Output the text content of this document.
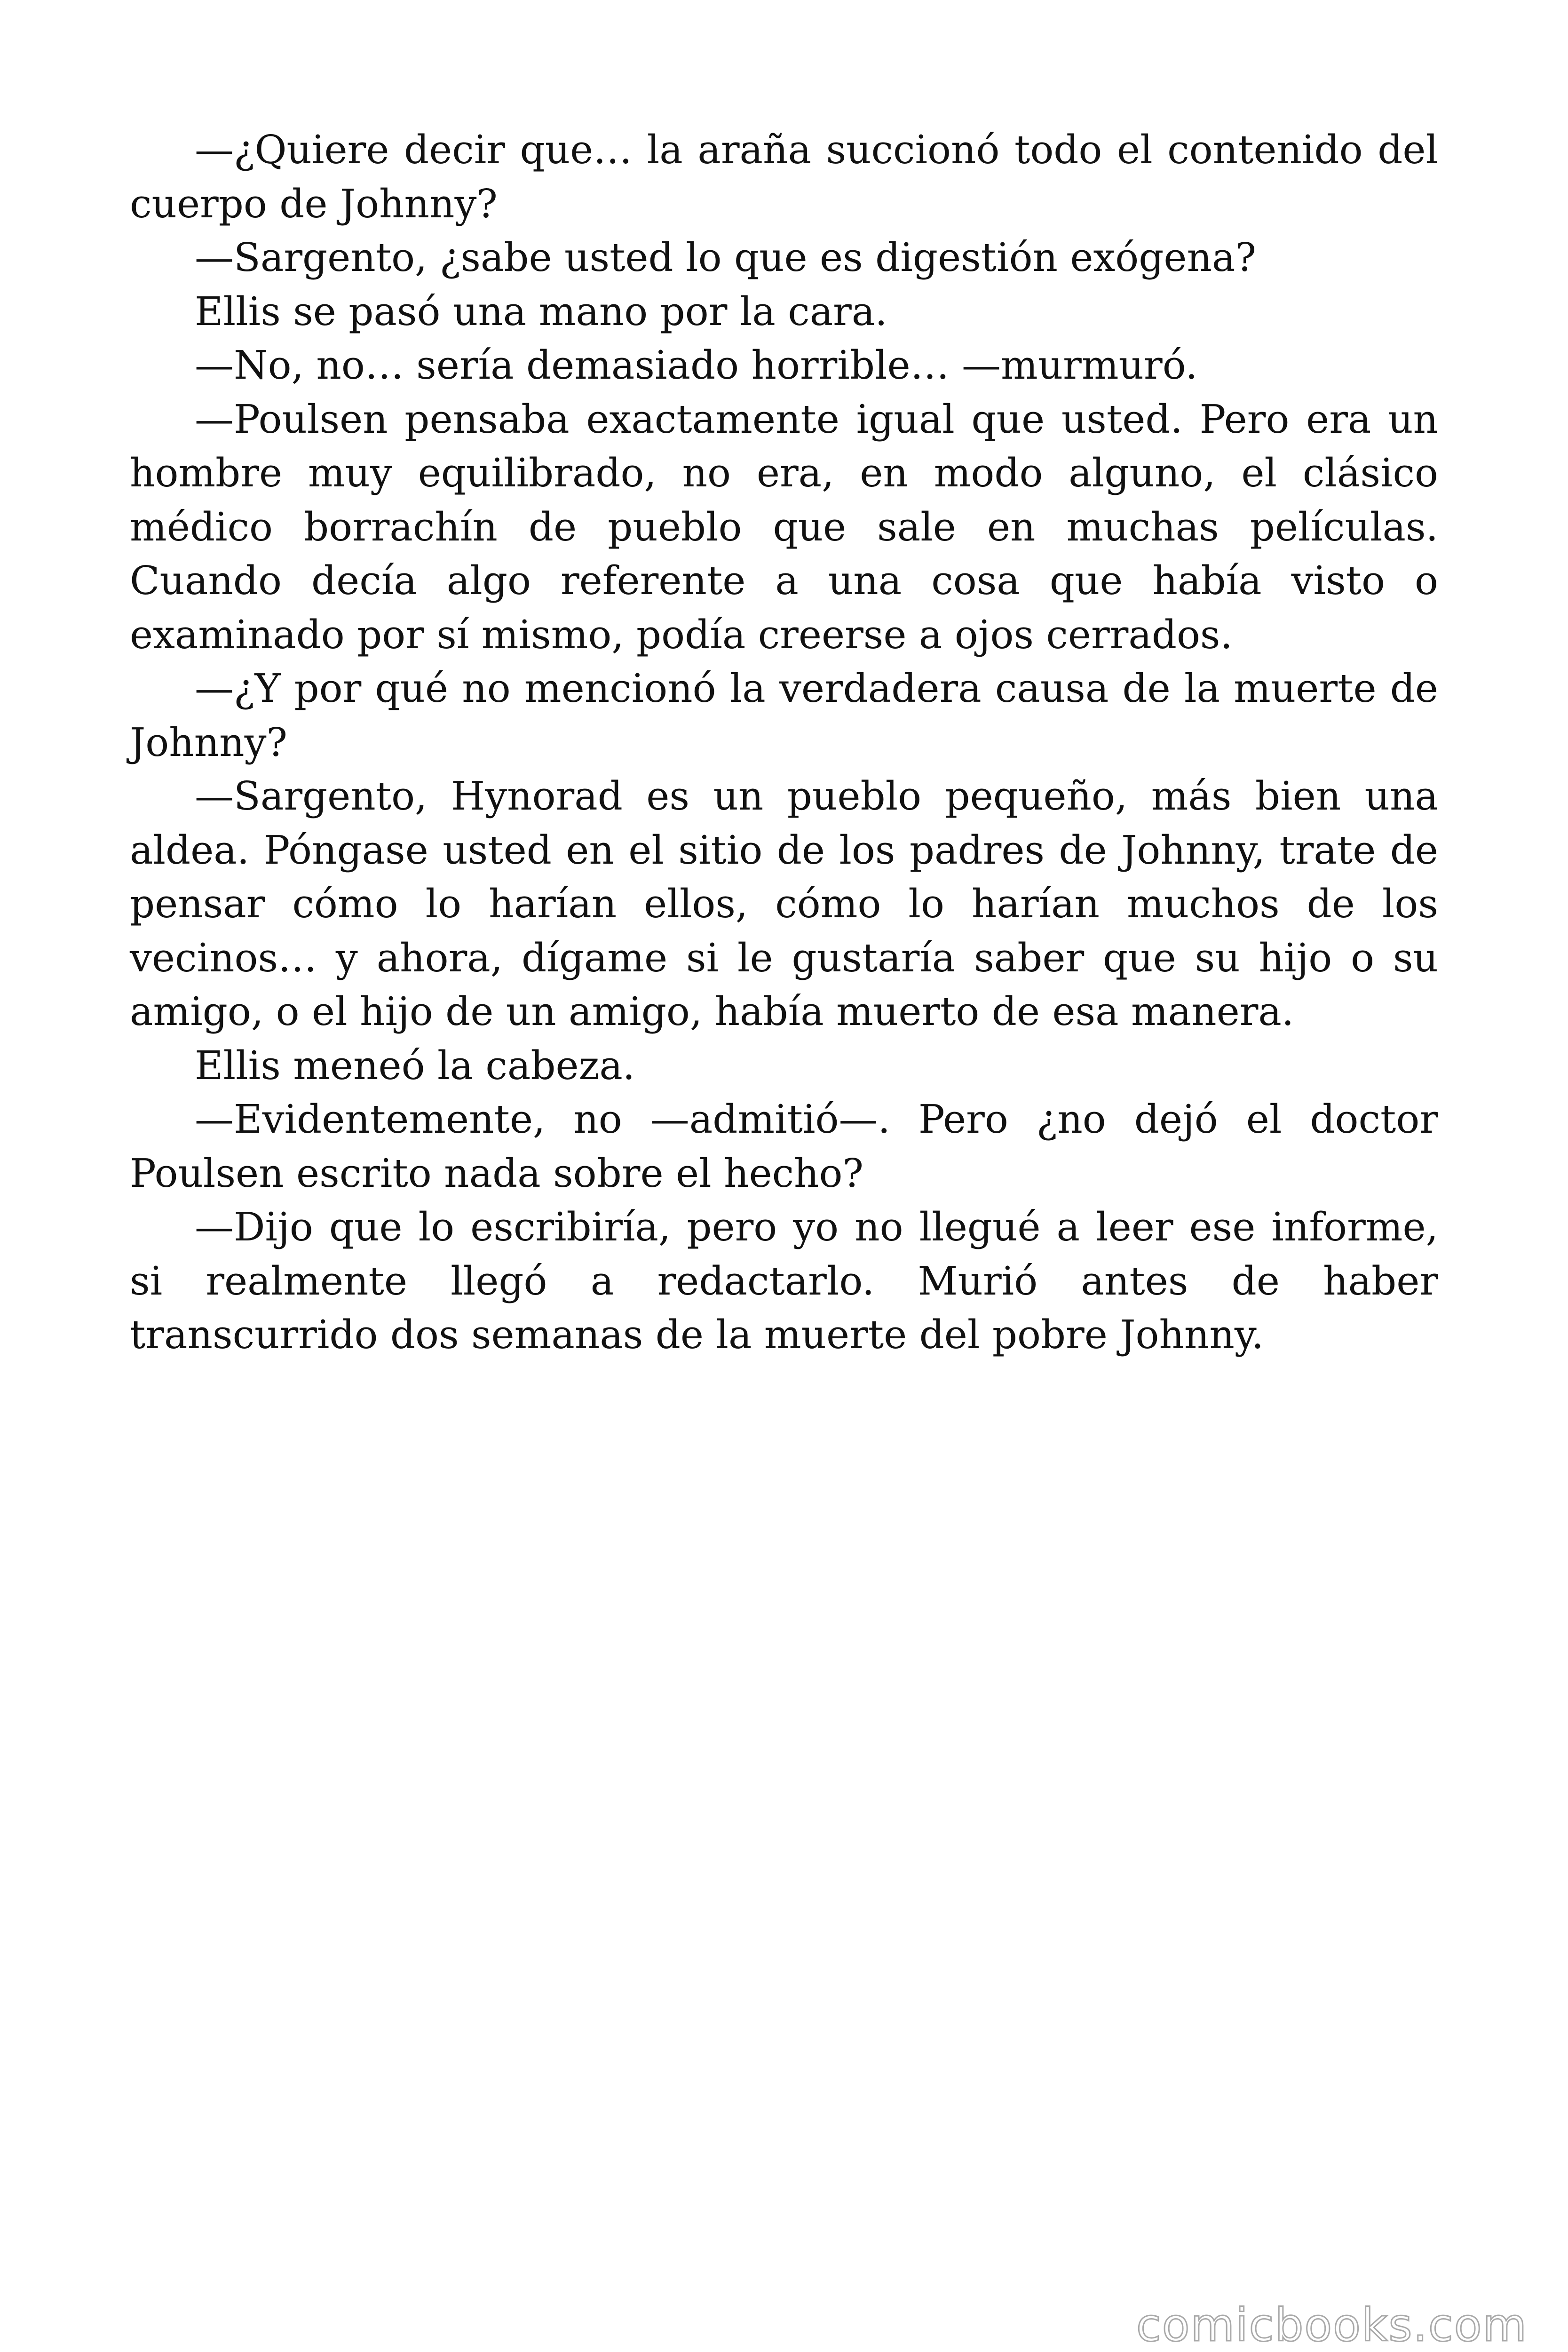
—¿Quiere decir que… la araña succionó todo el contenido del cuerpo de Johnny?

—Sargento, ¿sabe usted lo que es digestión exógena?

Ellis se pasó una mano por la cara.

—No, no… sería demasiado horrible… —murmuró.

—Poulsen pensaba exactamente igual que usted. Pero era un hombre muy equilibrado, no era, en modo alguno, el clásico médico borrachín de pueblo que sale en muchas películas. Cuando decía algo referente a una cosa que había visto o examinado por sí mismo, podía creerse a ojos cerrados.

—¿Y por qué no mencionó la verdadera causa de la muerte de Johnny?

—Sargento, Hynorad es un pueblo pequeño, más bien una aldea. Póngase usted en el sitio de los padres de Johnny, trate de pensar cómo lo harían ellos, cómo lo harían muchos de los vecinos… y ahora, dígame si le gustaría saber que su hijo o su amigo, o el hijo de un amigo, había muerto de esa manera.

Ellis meneó la cabeza.

—Evidentemente, no —admitió—. Pero ¿no dejó el doctor Poulsen escrito nada sobre el hecho?

—Dijo que lo escribiría, pero yo no llegué a leer ese informe, si realmente llegó a redactarlo. Murió antes de haber transcurrido dos semanas de la muerte del pobre Johnny.

comicbooks.com
